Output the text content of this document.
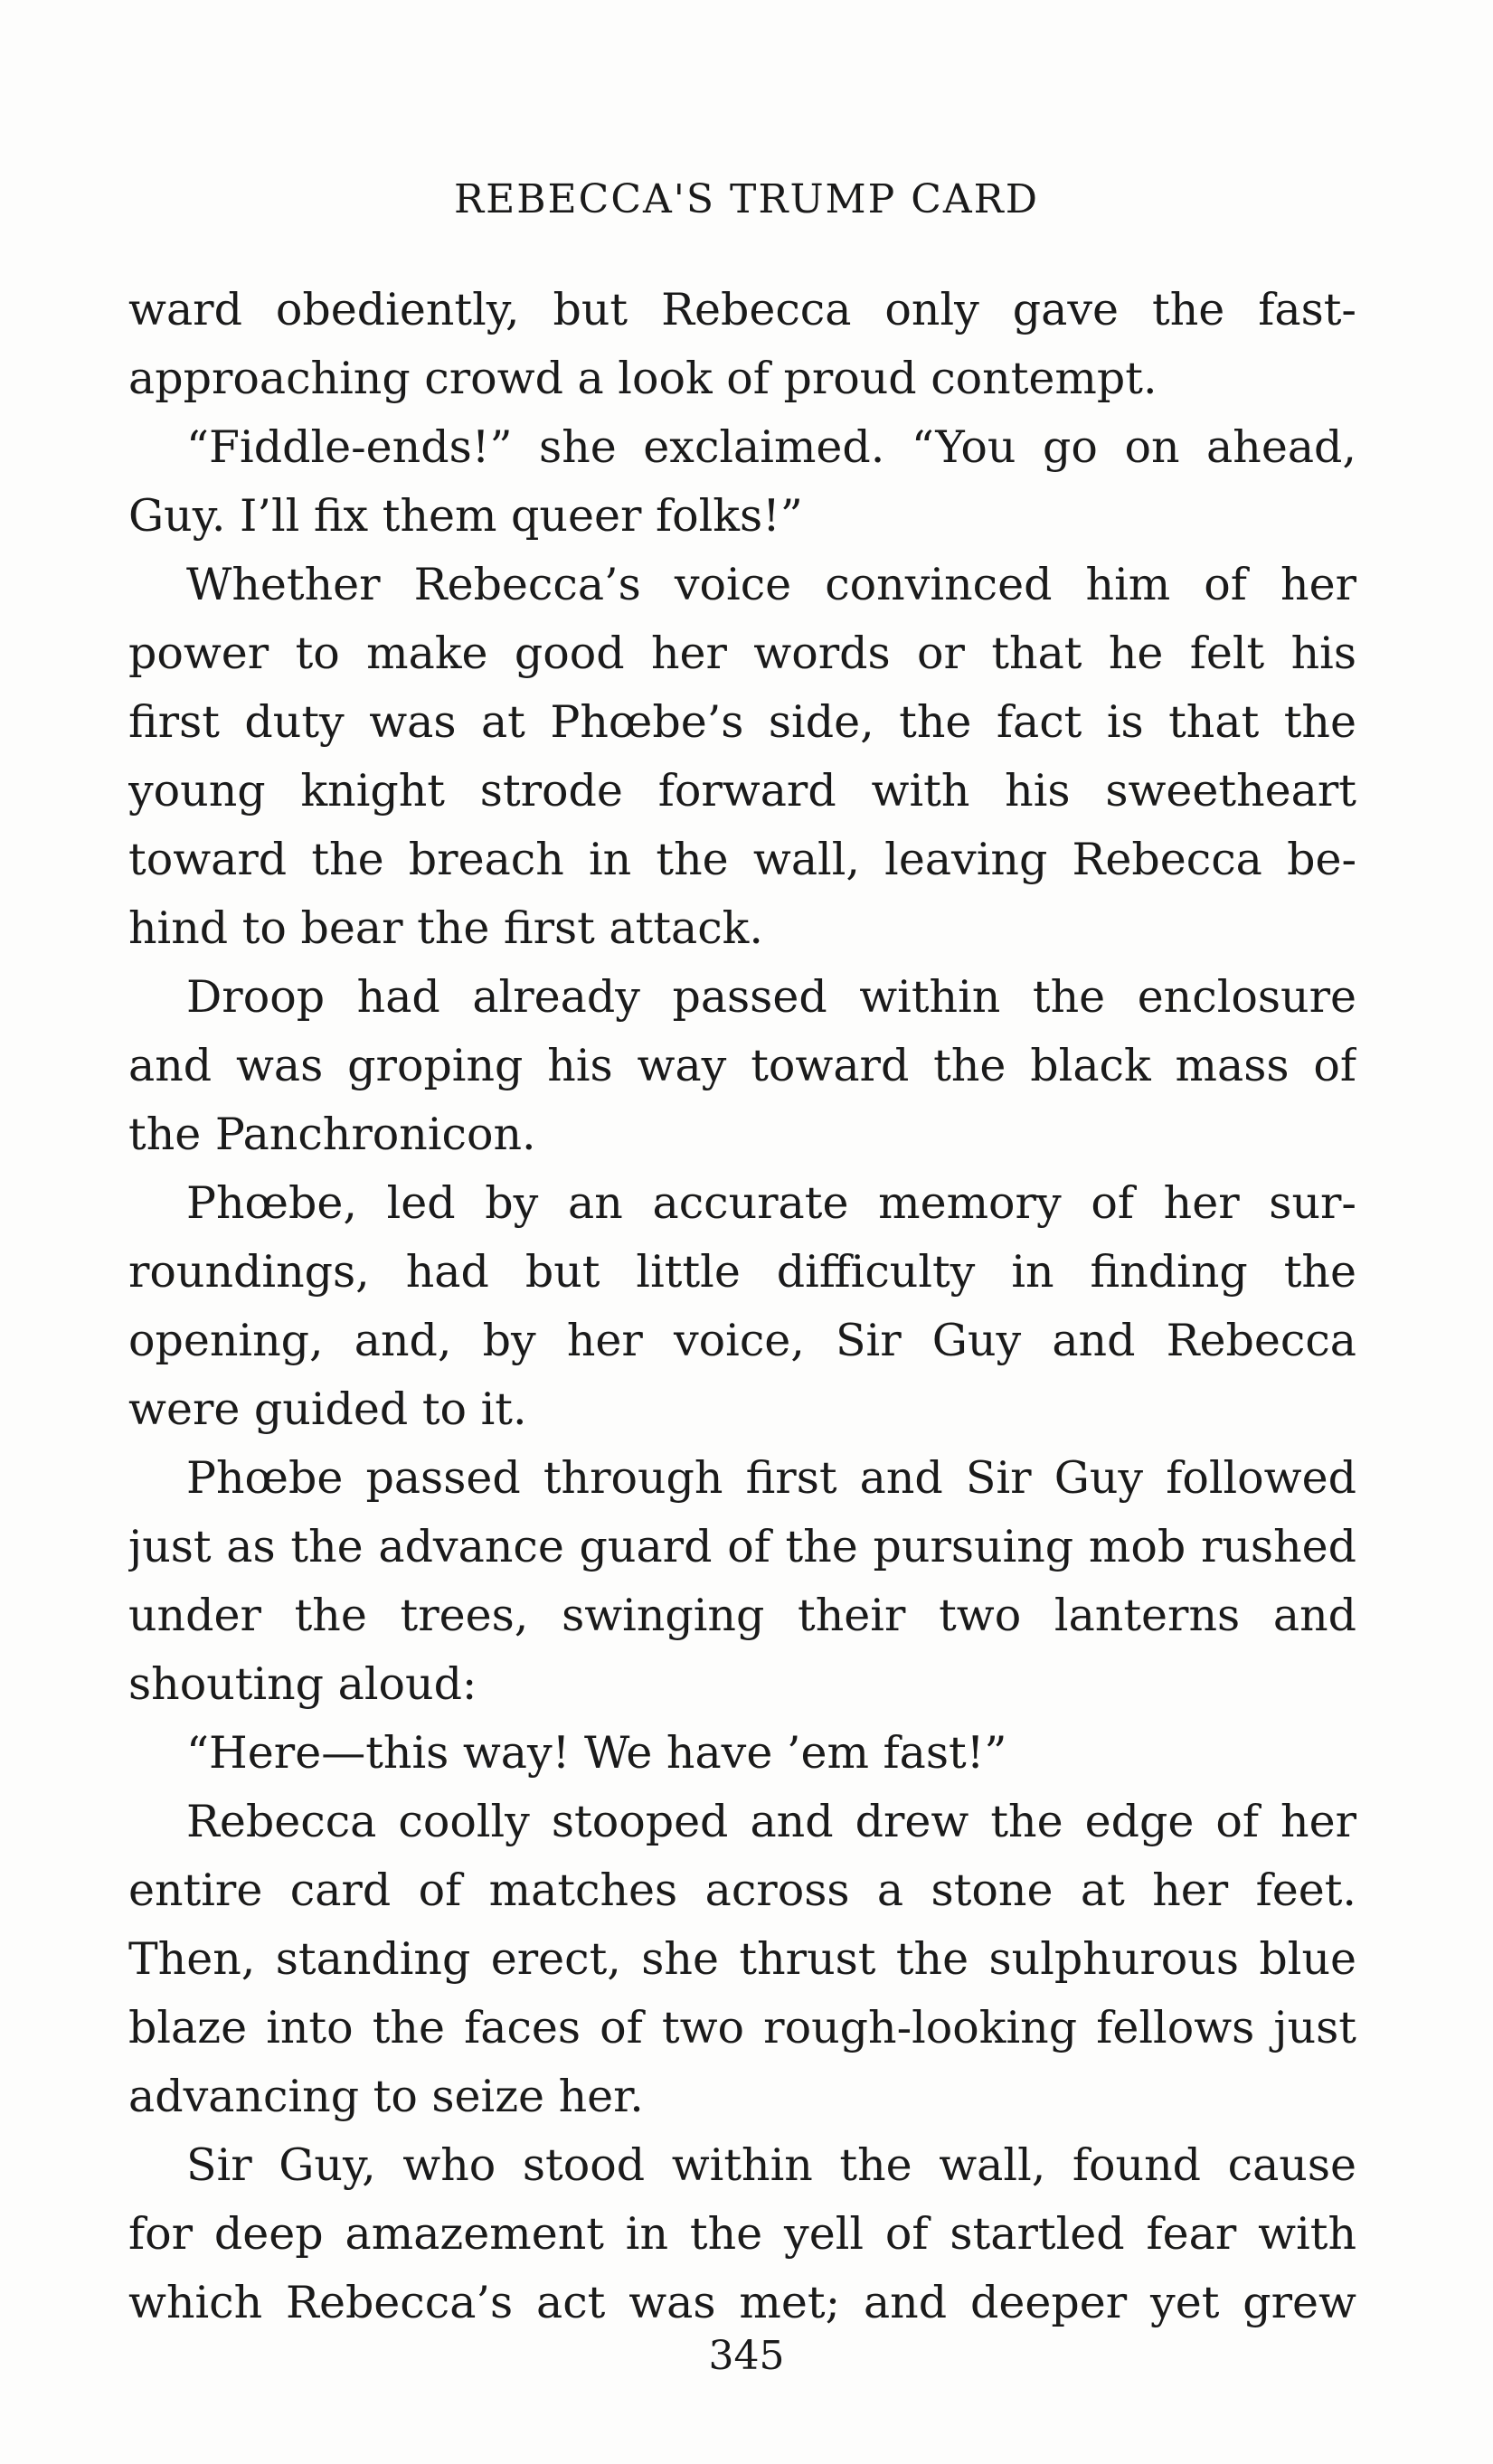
REBECCA'S TRUMP CARD
ward obediently, but Rebecca only gave the fast-
approaching crowd a look of proud contempt.
“Fiddle-ends!” she exclaimed. “You go on ahead,
Guy. I’ll fix them queer folks!”
Whether Rebecca’s voice convinced him of her
power to make good her words or that he felt his
first duty was at Phœbe’s side, the fact is that the
young knight strode forward with his sweetheart
toward the breach in the wall, leaving Rebecca be-
hind to bear the first attack.
Droop had already passed within the enclosure
and was groping his way toward the black mass of
the Panchronicon.
Phœbe, led by an accurate memory of her sur-
roundings, had but little difficulty in finding the
opening, and, by her voice, Sir Guy and Rebecca
were guided to it.
Phœbe passed through first and Sir Guy followed
just as the advance guard of the pursuing mob rushed
under the trees, swinging their two lanterns and
shouting aloud:
“Here—this way! We have ’em fast!”
Rebecca coolly stooped and drew the edge of her
entire card of matches across a stone at her feet.
Then, standing erect, she thrust the sulphurous blue
blaze into the faces of two rough-looking fellows just
advancing to seize her.
Sir Guy, who stood within the wall, found cause
for deep amazement in the yell of startled fear with
which Rebecca’s act was met; and deeper yet grew
345
